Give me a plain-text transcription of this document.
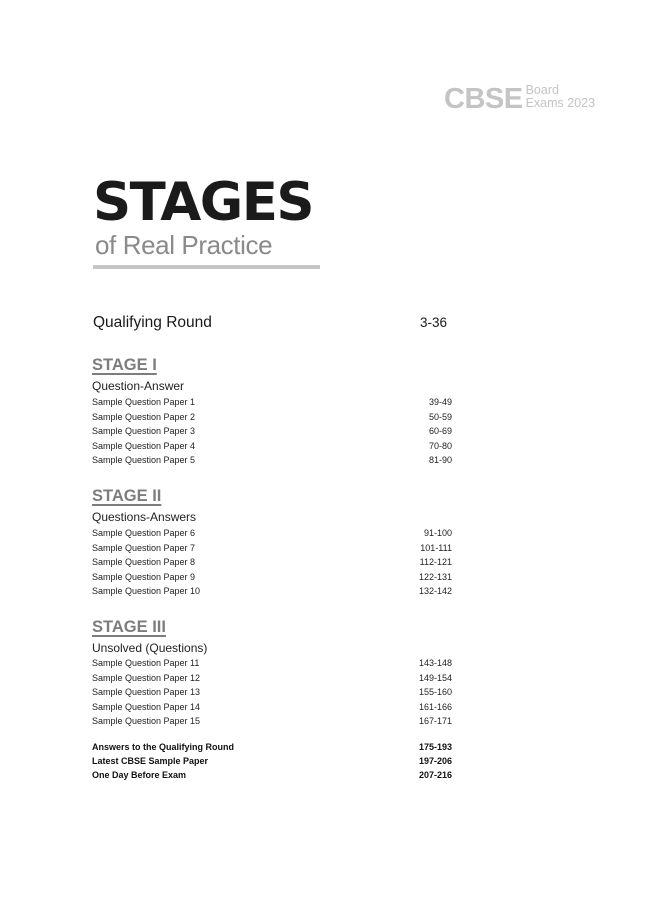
CBSE Board
Exams 2023
STAGES
of Real Practice
Qualifying Round	3-36
STAGE I
Question-Answer
Sample Question Paper 1	39-49
Sample Question Paper 2	50-59
Sample Question Paper 3	60-69
Sample Question Paper 4	70-80
Sample Question Paper 5	81-90
STAGE II
Questions-Answers
Sample Question Paper 6	91-100
Sample Question Paper 7	101-111
Sample Question Paper 8	112-121
Sample Question Paper 9	122-131
Sample Question Paper 10	132-142
STAGE III
Unsolved (Questions)
Sample Question Paper 11	143-148
Sample Question Paper 12	149-154
Sample Question Paper 13	155-160
Sample Question Paper 14	161-166
Sample Question Paper 15	167-171
Answers to the Qualifying Round	175-193
Latest CBSE Sample Paper	197-206
One Day Before Exam	207-216
